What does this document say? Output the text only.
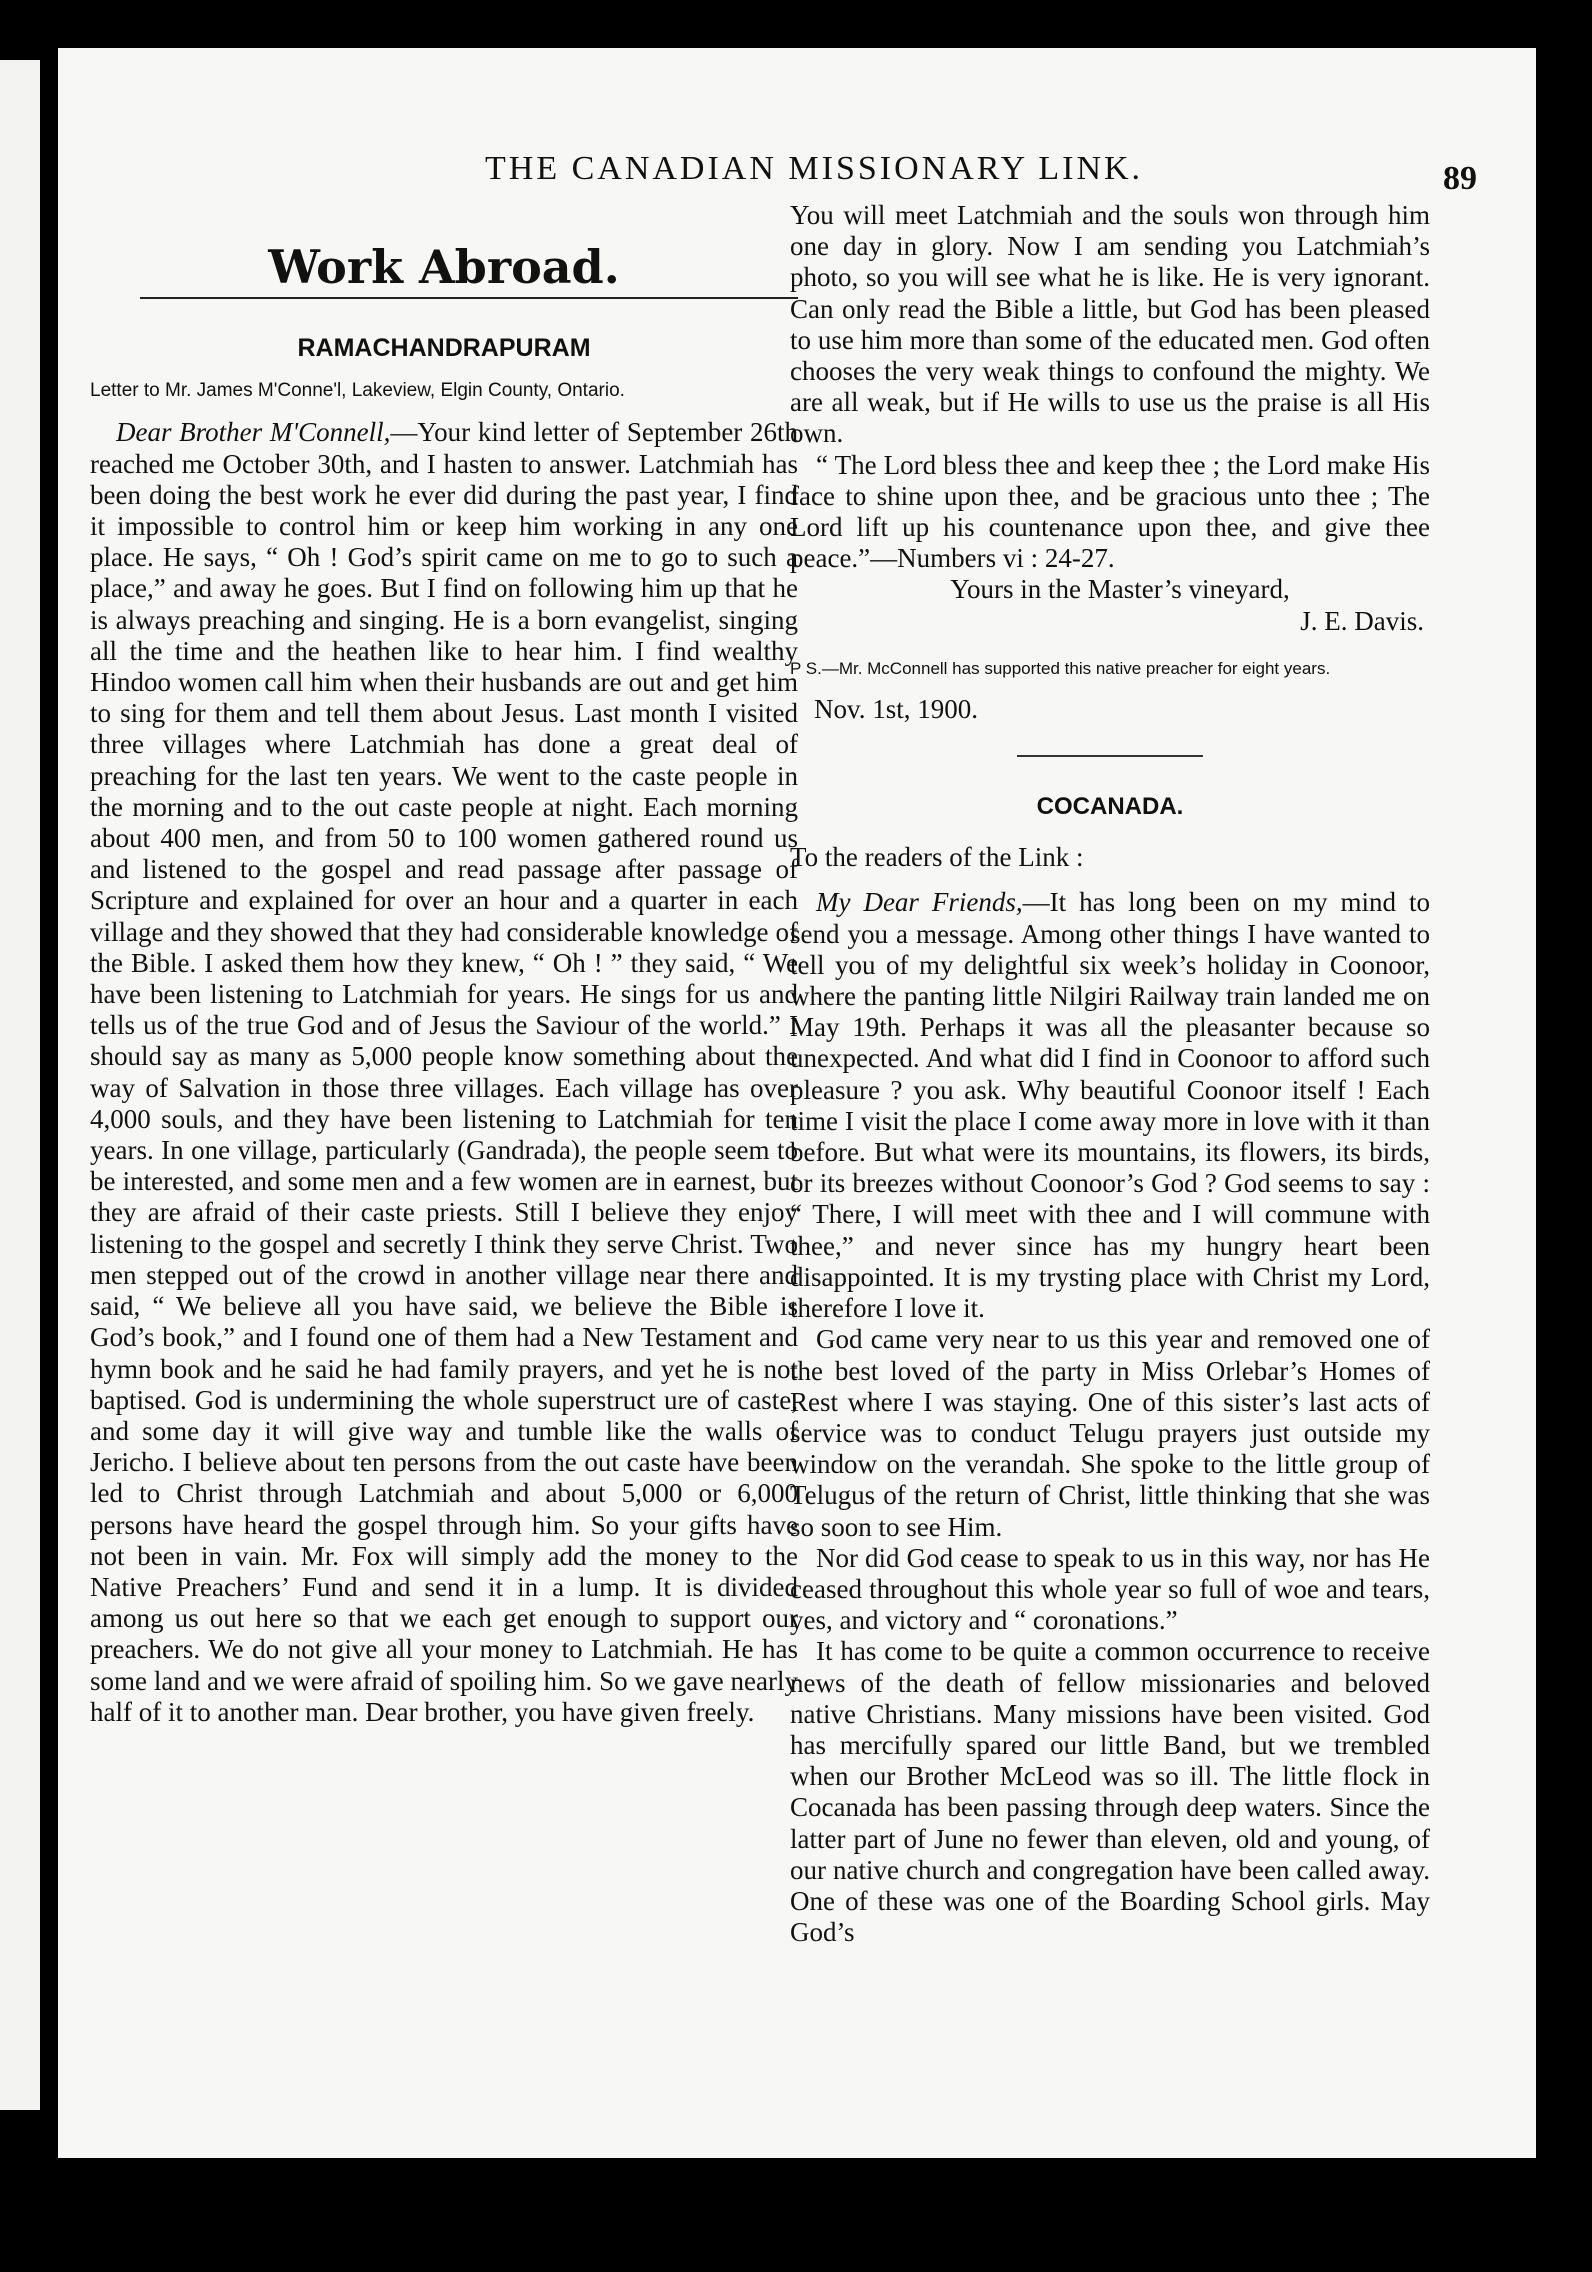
THE CANADIAN MISSIONARY LINK.	89
Work Abroad.
RAMACHANDRAPURAM
Letter to Mr. James M'Conne'l, Lakeview, Elgin County, Ontario.

Dear Brother M'Connell,—Your kind letter of September 26th reached me October 30th, and I hasten to answer. Latchmiah has been doing the best work he ever did during the past year, I find it impossible to control him or keep him working in any one place. He says, “ Oh ! God’s spirit came on me to go to such a place,” and away he goes. But I find on following him up that he is always preaching and singing. He is a born evangelist, singing all the time and the heathen like to hear him. I find wealthy Hindoo women call him when their husbands are out and get him to sing for them and tell them about Jesus. Last month I visited three villages where Latchmiah has done a great deal of preaching for the last ten years. We went to the caste people in the morning and to the out caste people at night. Each morning about 400 men, and from 50 to 100 women gathered round us and listened to the gospel and read passage after passage of Scripture and explained for over an hour and a quarter in each village and they showed that they had considerable knowledge of the Bible. I asked them how they knew, “ Oh ! ” they said, “ We have been listening to Latchmiah for years. He sings for us and tells us of the true God and of Jesus the Saviour of the world.” I should say as many as 5,000 people know something about the way of Salvation in those three villages. Each village has over 4,000 souls, and they have been listening to Latchmiah for ten years. In one village, particularly (Gandrada), the people seem to be interested, and some men and a few women are in earnest, but they are afraid of their caste priests. Still I believe they enjoy listening to the gospel and secretly I think they serve Christ. Two men stepped out of the crowd in another village near there and said, “ We believe all you have said, we believe the Bible is God’s book,” and I found one of them had a New Testament and hymn book and he said he had family prayers, and yet he is not baptised. God is undermining the whole superstruct ure of caste, and some day it will give way and tumble like the walls of Jericho. I believe about ten persons from the out caste have been led to Christ through Latchmiah and about 5,000 or 6,000 persons have heard the gospel through him. So your gifts have not been in vain. Mr. Fox will simply add the money to the Native Preachers’ Fund and send it in a lump. It is divided among us out here so that we each get enough to support our preachers. We do not give all your money to Latchmiah. He has some land and we were afraid of spoiling him. So we gave nearly half of it to another man. Dear brother, you have given freely.

You will meet Latchmiah and the souls won through him one day in glory. Now I am sending you Latchmiah’s photo, so you will see what he is like. He is very ignorant. Can only read the Bible a little, but God has been pleased to use him more than some of the educated men. God often chooses the very weak things to confound the mighty. We are all weak, but if He wills to use us the praise is all His own.

“ The Lord bless thee and keep thee ; the Lord make His face to shine upon thee, and be gracious unto thee ; The Lord lift up his countenance upon thee, and give thee peace.”—Numbers vi : 24-27.

Yours in the Master’s vineyard,

J. E. Davis.

P S.—Mr. McConnell has supported this native preacher for eight years.

Nov. 1st, 1900.

COCANADA.

To the readers of the Link :

My Dear Friends,—It has long been on my mind to send you a message. Among other things I have wanted to tell you of my delightful six week’s holiday in Coonoor, where the panting little Nilgiri Railway train landed me on May 19th. Perhaps it was all the pleasanter because so unexpected. And what did I find in Coonoor to afford such pleasure ? you ask. Why beautiful Coonoor itself ! Each time I visit the place I come away more in love with it than before. But what were its mountains, its flowers, its birds, or its breezes without Coonoor’s God ? God seems to say : “ There, I will meet with thee and I will commune with thee,” and never since has my hungry heart been disappointed. It is my trysting place with Christ my Lord, therefore I love it.

God came very near to us this year and removed one of the best loved of the party in Miss Orlebar’s Homes of Rest where I was staying. One of this sister’s last acts of service was to conduct Telugu prayers just outside my window on the verandah. She spoke to the little group of Telugus of the return of Christ, little thinking that she was so soon to see Him.

Nor did God cease to speak to us in this way, nor has He ceased throughout this whole year so full of woe and tears, yes, and victory and “ coronations.”

It has come to be quite a common occurrence to receive news of the death of fellow missionaries and beloved native Christians. Many missions have been visited. God has mercifully spared our little Band, but we trembled when our Brother McLeod was so ill. The little flock in Cocanada has been passing through deep waters. Since the latter part of June no fewer than eleven, old and young, of our native church and congregation have been called away. One of these was one of the Boarding School girls. May God’s
